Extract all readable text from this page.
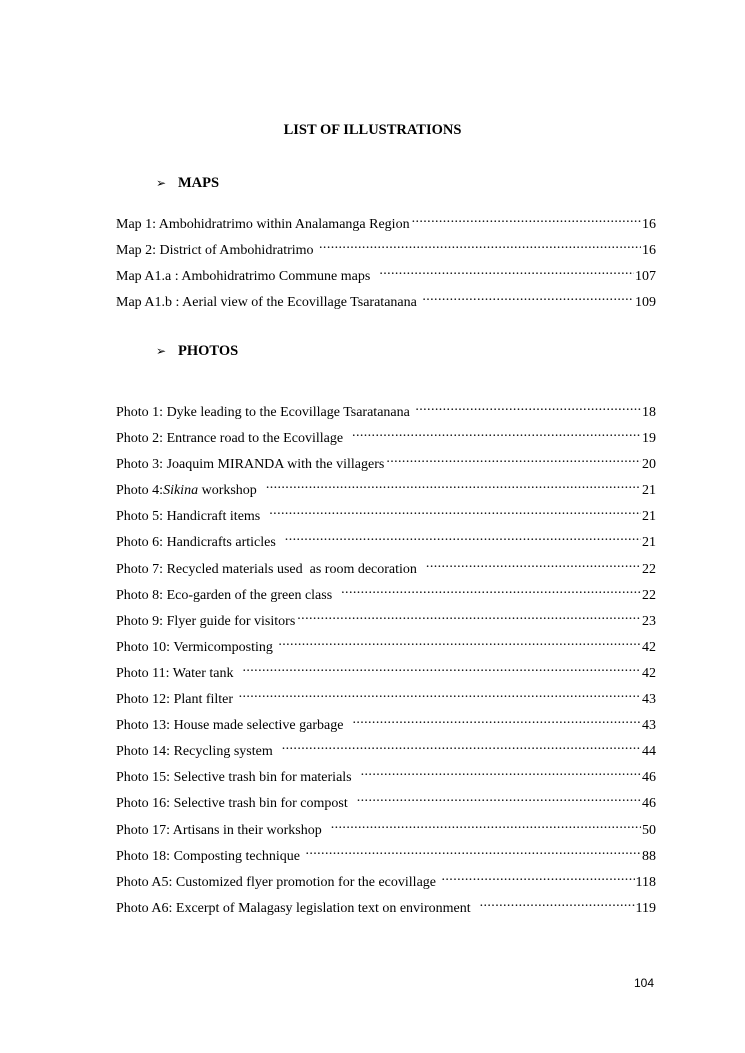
LIST OF ILLUSTRATIONS
➢ MAPS
Map 1: Ambohidratrimo within Analamanga Region .....	16
Map 2: District of Ambohidratrimo .....	16
Map A1.a : Ambohidratrimo Commune maps .....	107
Map A1.b : Aerial view of the Ecovillage Tsaratanana .....	109
➢ PHOTOS
Photo 1: Dyke leading to the Ecovillage Tsaratanana .....	18
Photo 2: Entrance road to the Ecovillage .....	19
Photo 3: Joaquim MIRANDA with the villagers .....	20
Photo 4:Sikina workshop .....	21
Photo 5: Handicraft items .....	21
Photo 6: Handicrafts articles .....	21
Photo 7: Recycled materials used  as room decoration .....	22
Photo 8: Eco-garden of the green class .....	22
Photo 9: Flyer guide for visitors .....	23
Photo 10: Vermicomposting .....	42
Photo 11: Water tank .....	42
Photo 12: Plant filter .....	43
Photo 13: House made selective garbage .....	43
Photo 14: Recycling system .....	44
Photo 15: Selective trash bin for materials .....	46
Photo 16: Selective trash bin for compost .....	46
Photo 17: Artisans in their workshop .....	50
Photo 18: Composting technique .....	88
Photo A5: Customized flyer promotion for the ecovillage .....	118
Photo A6: Excerpt of Malagasy legislation text on environment .....	119
104
